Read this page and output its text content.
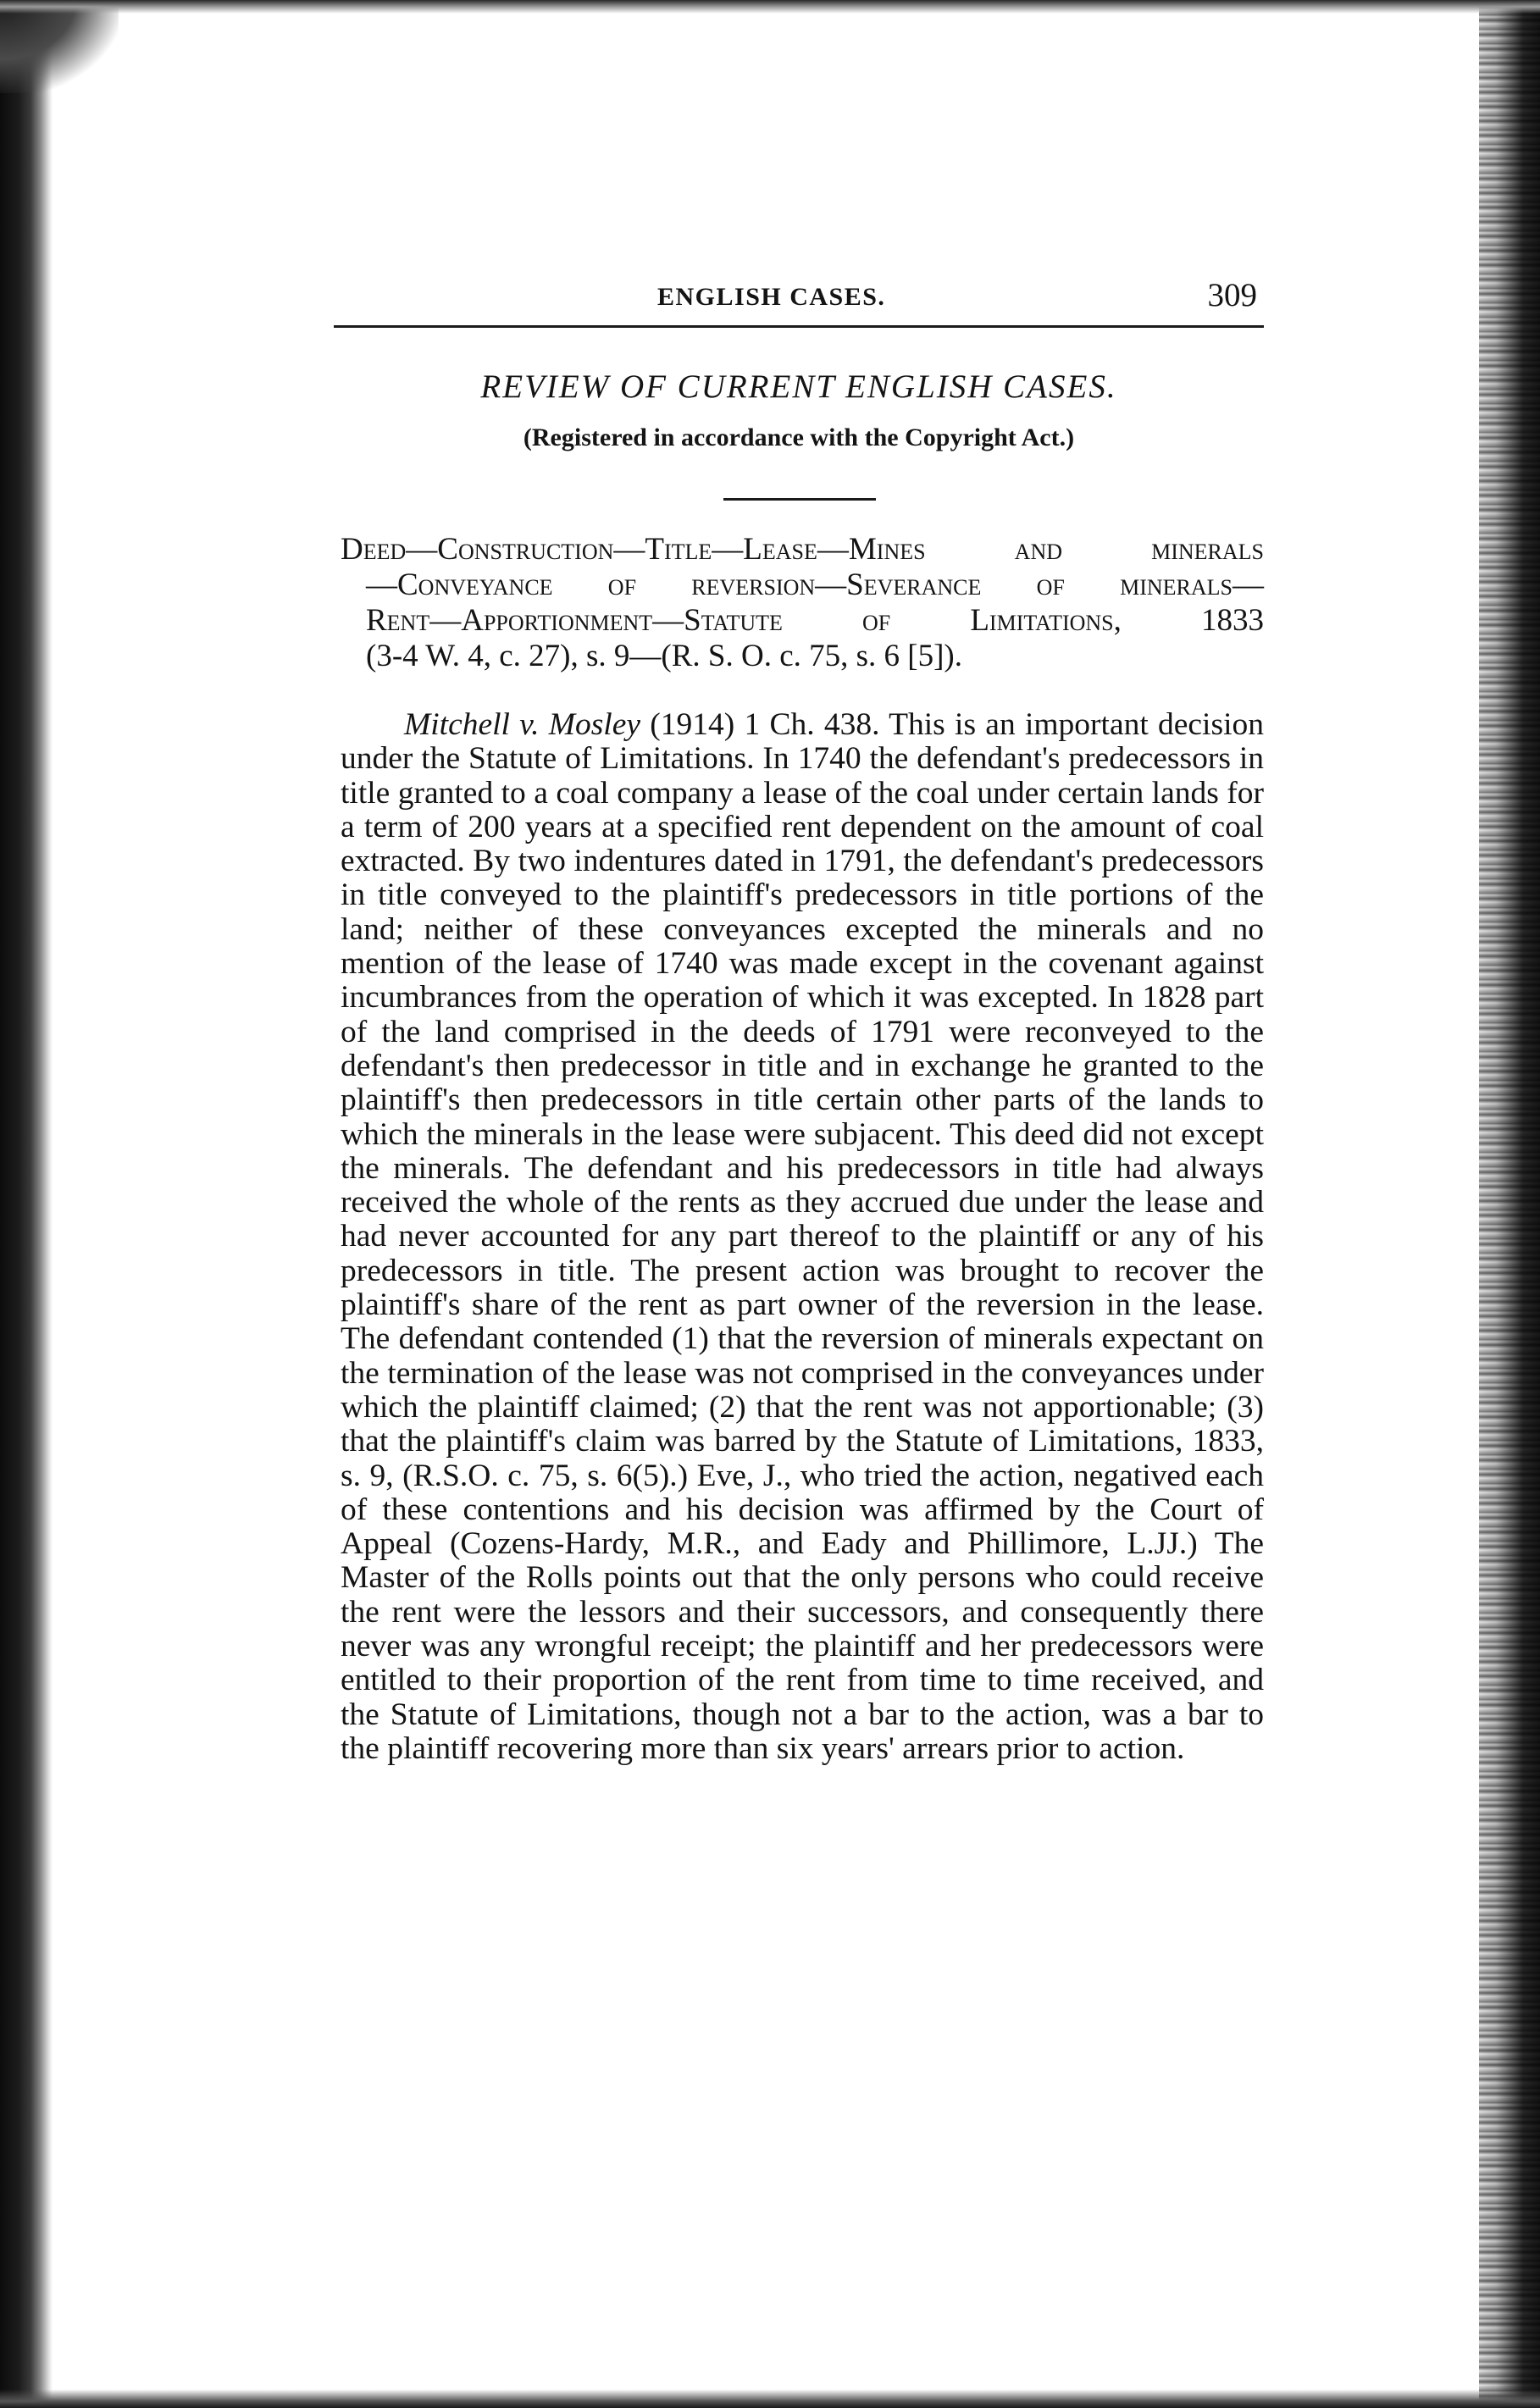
ENGLISH CASES.	309
REVIEW OF CURRENT ENGLISH CASES.
(Registered in accordance with the Copyright Act.)
Deed—Construction—Title—Lease—Mines and minerals
—Conveyance of reversion—Severance of minerals—
Rent—Apportionment—Statute of Limitations, 1833
(3-4 W. 4, c. 27), s. 9—(R. S. O. c. 75, s. 6 [5]).

Mitchell v. Mosley (1914) 1 Ch. 438. This is an important decision under the Statute of Limitations. In 1740 the defendant's predecessors in title granted to a coal company a lease of the coal under certain lands for a term of 200 years at a specified rent dependent on the amount of coal extracted. By two indentures dated in 1791, the defendant's predecessors in title conveyed to the plaintiff's predecessors in title portions of the land; neither of these conveyances excepted the minerals and no mention of the lease of 1740 was made except in the covenant against incumbrances from the operation of which it was excepted. In 1828 part of the land comprised in the deeds of 1791 were reconveyed to the defendant's then predecessor in title and in exchange he granted to the plaintiff's then predecessors in title certain other parts of the lands to which the minerals in the lease were subjacent. This deed did not except the minerals. The defendant and his predecessors in title had always received the whole of the rents as they accrued due under the lease and had never accounted for any part thereof to the plaintiff or any of his predecessors in title. The present action was brought to recover the plaintiff's share of the rent as part owner of the reversion in the lease. The defendant contended (1) that the reversion of minerals expectant on the termination of the lease was not comprised in the conveyances under which the plaintiff claimed; (2) that the rent was not apportionable; (3) that the plaintiff's claim was barred by the Statute of Limitations, 1833, s. 9, (R.S.O. c. 75, s. 6(5).) Eve, J., who tried the action, negatived each of these contentions and his decision was affirmed by the Court of Appeal (Cozens-Hardy, M.R., and Eady and Phillimore, L.JJ.) The Master of the Rolls points out that the only persons who could receive the rent were the lessors and their successors, and consequently there never was any wrongful receipt; the plaintiff and her predecessors were entitled to their proportion of the rent from time to time received, and the Statute of Limitations, though not a bar to the action, was a bar to the plaintiff recovering more than six years' arrears prior to action.
